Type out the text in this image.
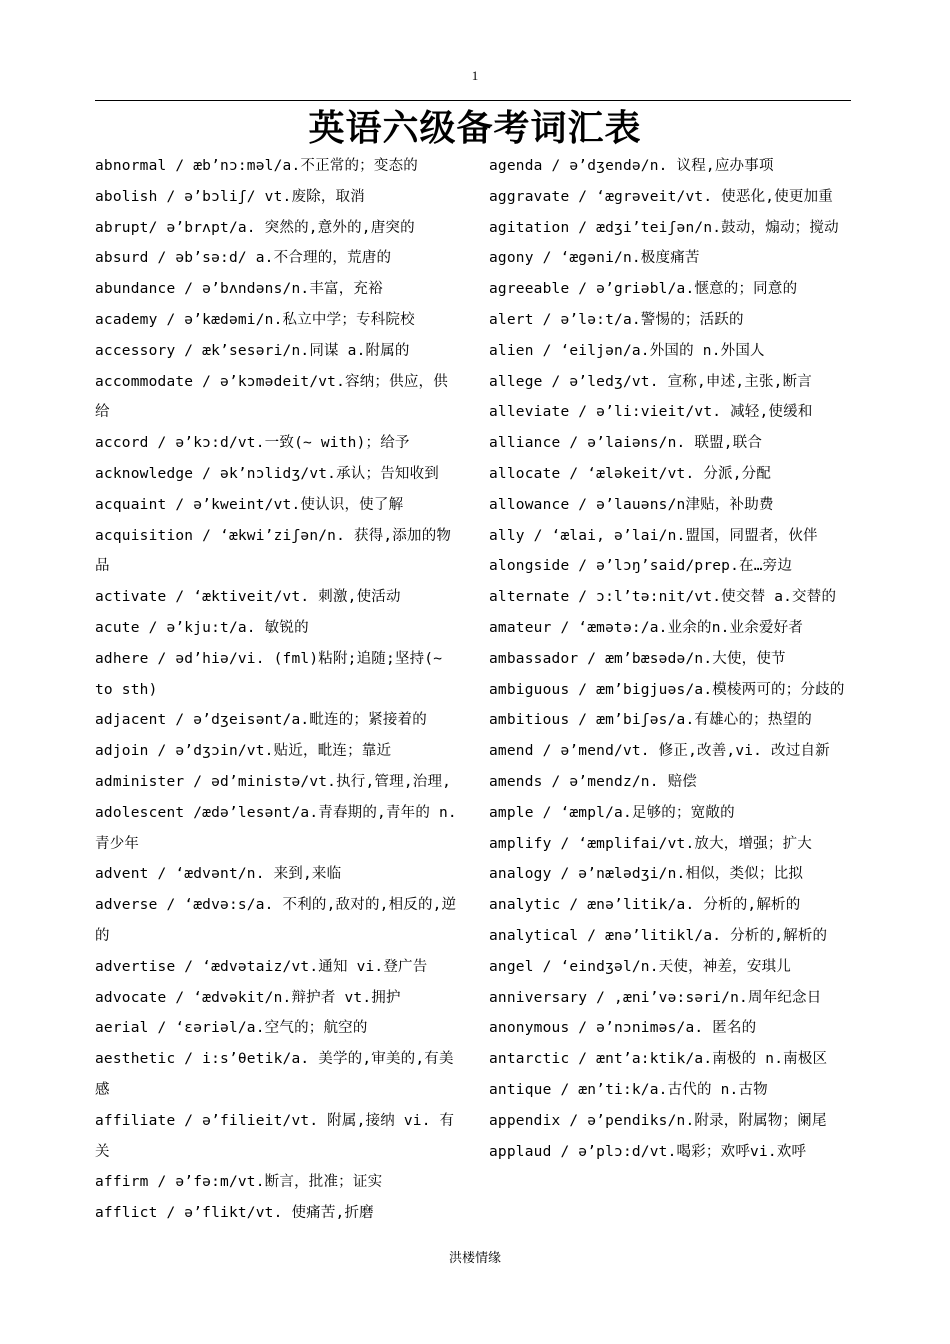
1
英语六级备考词汇表
abnormal / æb’nɔ:məl/a.不正常的；变态的
abolish / ə’bɔliʃ/ vt.废除，取消
abrupt/ ə’brʌpt/a. 突然的,意外的,唐突的
absurd / əb’sə:d/ a.不合理的，荒唐的
abundance / ə’bʌndəns/n.丰富，充裕
academy / ə’kædəmi/n.私立中学；专科院校
accessory / æk’sesəri/n.同谋 a.附属的
accommodate / ə’kɔmədeit/vt.容纳；供应，供给
accord / ə’kɔ:d/vt.一致(~ with)；给予
acknowledge / ək’nɔlidʒ/vt.承认；告知收到
acquaint / ə’kweint/vt.使认识，使了解
acquisition / ‘ækwi’ziʃən/n. 获得,添加的物品
activate / ‘æktiveit/vt. 刺激,使活动
acute / ə’kju:t/a. 敏锐的
adhere / əd’hiə/vi. (fml)粘附;追随;坚持(~ to sth)
adjacent / ə’dʒeisənt/a.毗连的；紧接着的
adjoin / ə’dʒɔin/vt.贴近，毗连；靠近
administer / əd’ministə/vt.执行,管理,治理,
adolescent /ædə’lesənt/a.青春期的,青年的 n.青少年
advent / ‘ædvənt/n. 来到,来临
adverse / ‘ædvə:s/a. 不利的,敌对的,相反的,逆的
advertise / ‘ædvətaiz/vt.通知 vi.登广告
advocate / ‘ædvəkit/n.辩护者 vt.拥护
aerial / ‘ɛəriəl/a.空气的；航空的
aesthetic / i:s’θetik/a. 美学的,审美的,有美感
affiliate / ə’filieit/vt. 附属,接纳 vi. 有关
affirm / ə’fə:m/vt.断言，批准；证实
afflict / ə’flikt/vt. 使痛苦,折磨
agenda / ə’dʒendə/n. 议程,应办事项
aggravate / ‘ægrəveit/vt. 使恶化,使更加重
agitation / ædʒi’teiʃən/n.鼓动，煽动；搅动
agony / ‘ægəni/n.极度痛苦
agreeable / ə’griəbl/a.惬意的；同意的
alert / ə’lə:t/a.警惕的；活跃的
alien / ‘eiljən/a.外国的 n.外国人
allege / ə’ledʒ/vt. 宣称,申述,主张,断言
alleviate / ə’li:vieit/vt. 减轻,使缓和
alliance / ə’laiəns/n. 联盟,联合
allocate / ‘æləkeit/vt. 分派,分配
allowance / ə’lauəns/n津贴，补助费
ally / ‘ælai, ə’lai/n.盟国，同盟者，伙伴
alongside / ə’lɔŋ’said/prep.在…旁边
alternate / ɔ:l’tə:nit/vt.使交替 a.交替的
amateur / ‘æmətə:/a.业余的n.业余爱好者
ambassador / æm’bæsədə/n.大使，使节
ambiguous / æm’bigjuəs/a.模棱两可的；分歧的
ambitious / æm’biʃəs/a.有雄心的；热望的
amend / ə’mend/vt. 修正,改善,vi. 改过自新
amends / ə’mendz/n. 赔偿
ample / ‘æmpl/a.足够的；宽敞的
amplify / ‘æmplifai/vt.放大，增强；扩大
analogy / ə’nælədʒi/n.相似，类似；比拟
analytic / ænə’litik/a. 分析的,解析的
analytical / ænə’litikl/a. 分析的,解析的
angel / ‘eindʒəl/n.天使，神差，安琪儿
anniversary / ,æni’və:səri/n.周年纪念日
anonymous / ə’nɔniməs/a. 匿名的
antarctic / ænt’a:ktik/a.南极的 n.南极区
antique / æn’ti:k/a.古代的 n.古物
appendix / ə’pendiks/n.附录，附属物；阑尾
applaud / ə’plɔ:d/vt.喝彩；欢呼vi.欢呼
洪楼情缘
